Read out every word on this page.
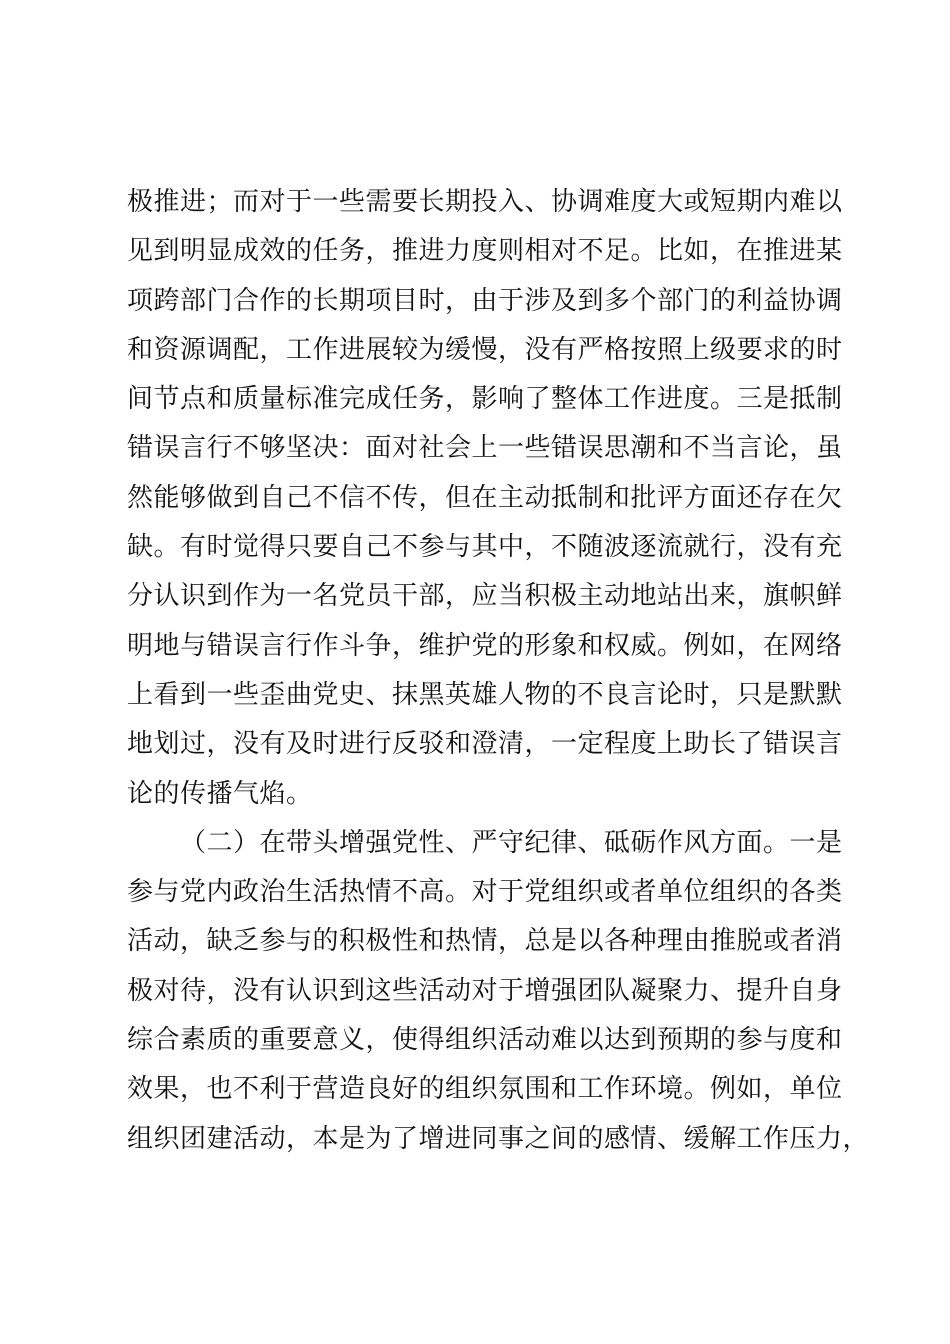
极推进；而对于一些需要长期投入、协调难度大或短期内难以
见到明显成效的任务，推进力度则相对不足。比如，在推进某
项跨部门合作的长期项目时，由于涉及到多个部门的利益协调
和资源调配，工作进展较为缓慢，没有严格按照上级要求的时
间节点和质量标准完成任务，影响了整体工作进度。三是抵制
错误言行不够坚决：面对社会上一些错误思潮和不当言论，虽
然能够做到自己不信不传，但在主动抵制和批评方面还存在欠
缺。有时觉得只要自己不参与其中，不随波逐流就行，没有充
分认识到作为一名党员干部，应当积极主动地站出来，旗帜鲜
明地与错误言行作斗争，维护党的形象和权威。例如，在网络
上看到一些歪曲党史、抹黑英雄人物的不良言论时，只是默默
地划过，没有及时进行反驳和澄清，一定程度上助长了错误言
论的传播气焰。
（二）在带头增强党性、严守纪律、砥砺作风方面。一是
参与党内政治生活热情不高。对于党组织或者单位组织的各类
活动，缺乏参与的积极性和热情，总是以各种理由推脱或者消
极对待，没有认识到这些活动对于增强团队凝聚力、提升自身
综合素质的重要意义，使得组织活动难以达到预期的参与度和
效果，也不利于营造良好的组织氛围和工作环境。例如，单位
组织团建活动，本是为了增进同事之间的感情、缓解工作压力，
